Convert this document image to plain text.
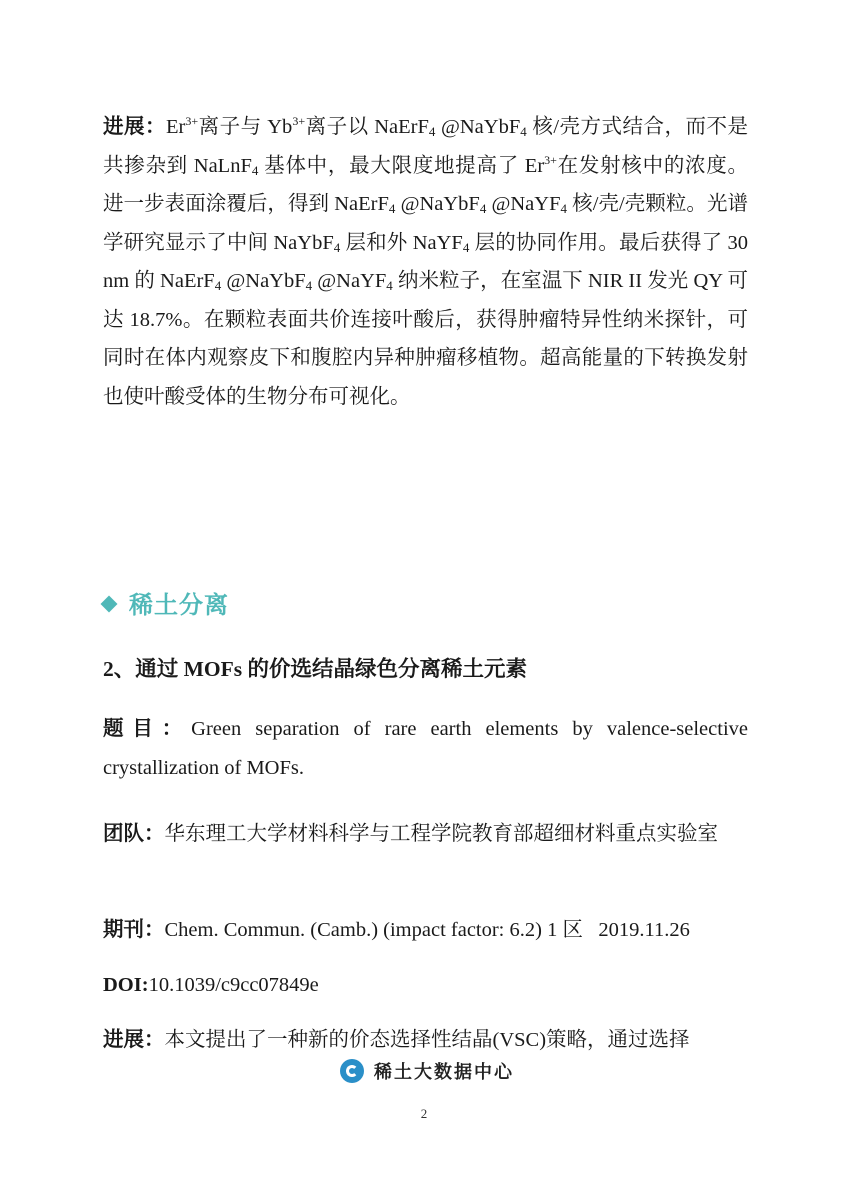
进展：$Er^{3+}$离子与 $Yb^{3+}$离子以 NaErF$_4$ @NaYbF$_4$ 核/壳方式结合，而不是共掺杂到 NaLnF$_4$ 基体中，最大限度地提高了 $Er^{3+}$在发射核中的浓度。进一步表面涂覆后，得到 NaErF$_4$ @NaYbF$_4$ @NaYF$_4$ 核/壳/壳颗粒。光谱学研究显示了中间 NaYbF$_4$ 层和外 NaYF$_4$ 层的协同作用。最后获得了 30 nm 的 NaErF$_4$ @NaYbF$_4$ @NaYF$_4$ 纳米粒子，在室温下 NIR II 发光 QY 可达 18.7%。在颗粒表面共价连接叶酸后，获得肿瘤特异性纳米探针，可同时在体内观察皮下和腹腔内异种肿瘤移植物。超高能量的下转换发射也使叶酸受体的生物分布可视化。
稀土分离
2、通过 MOFs 的价选结晶绿色分离稀土元素
题目：Green separation of rare earth elements by valence-selective crystallization of MOFs.
团队：华东理工大学材料科学与工程学院教育部超细材料重点实验室
期刊：Chem. Commun. (Camb.) (impact factor: 6.2) 1 区   2019.11.26
DOI:10.1039/c9cc07849e
进展：本文提出了一种新的价态选择性结晶(VSC)策略，通过选择
稀土大数据中心
2
